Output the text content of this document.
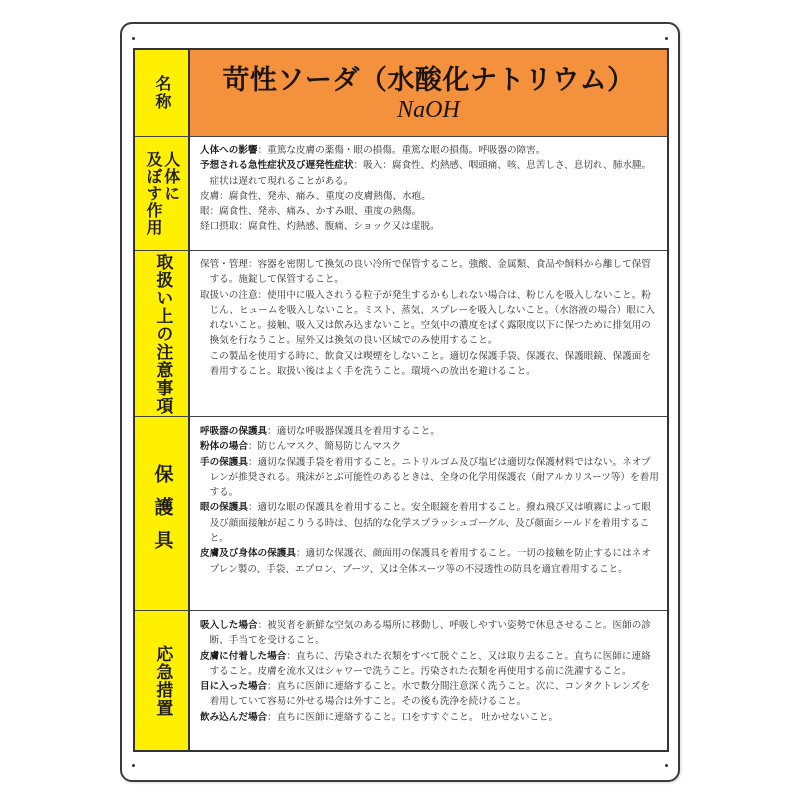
名称 苛性ソーダ（水酸化ナトリウム）
NaOH
人体に
及ぼす作用
人体への影響：重篤な皮膚の薬傷・眼の損傷。重篤な眼の損傷。呼吸器の障害。
予想される急性症状及び遅発性症状：吸入：腐食性、灼熱感、咽頭痛、咳、息苦しさ、息切れ、肺水腫。症状は遅れて現れることがある。
皮膚：腐食性、発赤、痛み、重度の皮膚熱傷、水疱。
眼：腐食性、発赤、痛み、かすみ眼、重度の熱傷。
経口摂取：腐食性、灼熱感、腹痛、ショック又は虚脱。
取扱い上の注意事項	保管・管理：容器を密閉して換気の良い冷所で保管すること。強酸、金属類、食品や飼料から離して保管する。施錠して保管すること。
取扱いの注意：使用中に吸入されうる粒子が発生するかもしれない場合は、粉じんを吸入しないこと。粉じん、ヒュームを吸入しないこと。ミスト、蒸気、スプレーを吸入しないこと。（水溶液の場合）眼に入れないこと。接触、吸入又は飲み込まないこと。空気中の濃度をばく露限度以下に保つために排気用の換気を行なうこと。屋外又は換気の良い区域でのみ使用すること。
この製品を使用する時に、飲食又は喫煙をしないこと。適切な保護手袋、保護衣、保護眼鏡、保護面を着用すること。取扱い後はよく手を洗うこと。環境への放出を避けること。
保護具
呼吸器の保護具：適切な呼吸器保護具を着用すること。
粉体の場合：防じんマスク、簡易防じんマスク
手の保護具：適切な保護手袋を着用すること。ニトリルゴム及び塩ビは適切な保護材料ではない。ネオプレンが推奨される。飛沫がとぶ可能性のあるときは、全身の化学用保護衣（耐アルカリスーツ等）を着用する。
眼の保護具：適切な眼の保護具を着用すること。安全眼鏡を着用すること。撥ね飛び又は噴霧によって眼及び顔面接触が起こりうる時は、包括的な化学スプラッシュゴーグル、及び顔面シールドを着用すること。
皮膚及び身体の保護具：適切な保護衣、顔面用の保護具を着用すること。一切の接触を防止するにはネオプレン製の、手袋、エプロン、ブーツ、又は全体スーツ等の不浸透性の防具を適宜着用すること。
応急措置
吸入した場合：被災者を新鮮な空気のある場所に移動し、呼吸しやすい姿勢で休息させること。医師の診断、手当てを受けること。
皮膚に付着した場合：直ちに、汚染された衣類をすべて脱ぐこと、又は取り去ること。直ちに医師に連絡すること。皮膚を流水又はシャワーで洗うこと。汚染された衣類を再使用する前に洗濯すること。
目に入った場合：直ちに医師に連絡すること。水で数分間注意深く洗うこと。次に、コンタクトレンズを着用していて容易に外せる場合は外すこと。その後も洗浄を続けること。
飲み込んだ場合：直ちに医師に連絡すること。口をすすぐこと。 吐かせないこと。
